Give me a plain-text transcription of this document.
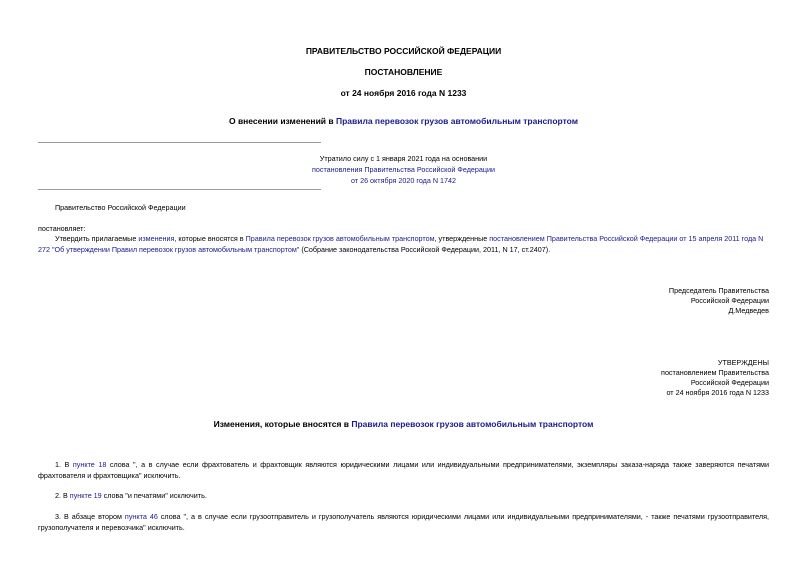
ПРАВИТЕЛЬСТВО РОССИЙСКОЙ ФЕДЕРАЦИИ
ПОСТАНОВЛЕНИЕ
от 24 ноября 2016 года N 1233
О внесении изменений в Правила перевозок грузов автомобильным транспортом
Утратило силу с 1 января 2021 года на основании
постановления Правительства Российской Федерации
от 26 октября 2020 года N 1742
Правительство Российской Федерации
постановляет:
Утвердить прилагаемые изменения, которые вносятся в Правила перевозок грузов автомобильным транспортом, утвержденные постановлением Правительства Российской Федерации от 15 апреля 2011 года N 272 "Об утверждении Правил перевозок грузов автомобильным транспортом" (Собрание законодательства Российской Федерации, 2011, N 17, ст.2407).
Председатель Правительства
Российской Федерации
Д.Медведев
УТВЕРЖДЕНЫ
постановлением Правительства
Российской Федерации
от 24 ноября 2016 года N 1233
Изменения, которые вносятся в Правила перевозок грузов автомобильным транспортом
1. В пункте 18 слова ", а в случае если фрахтователь и фрахтовщик являются юридическими лицами или индивидуальными предпринимателями, экземпляры заказа-наряда также заверяются печатями фрахтователя и фрахтовщика" исключить.
2. В пункте 19 слова "и печатями" исключить.
3. В абзаце втором пункта 46 слова ", а в случае если грузоотправитель и грузополучатель являются юридическими лицами или индивидуальными предпринимателями, - также печатями грузоотправителя, грузополучателя и перевозчика" исключить.
